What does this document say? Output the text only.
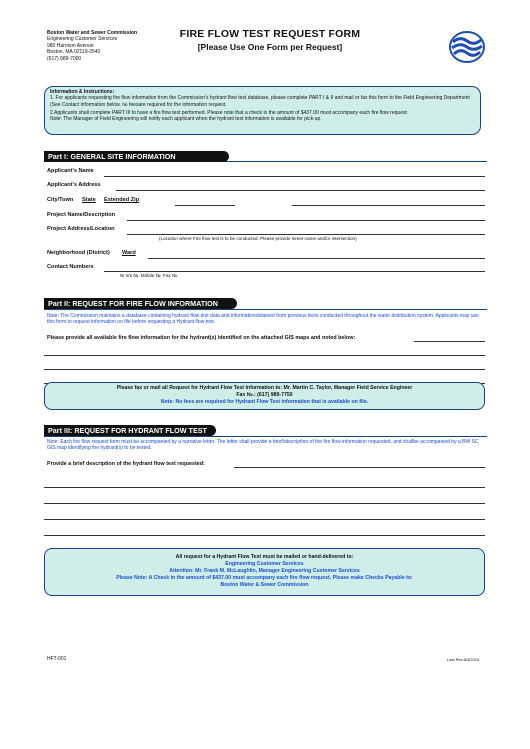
Boston Water and Sewer Commission
Engineering Customer Services
980 Harrison Avenue
Boston, MA 02119-2540
(617) 989-7000
FIRE FLOW TEST REQUEST FORM
[Please Use One Form per Request]
Information & Instructions:
1. For applicants requesting fire flow information from the Commission's hydrant flow test database, please complete PART I & II and mail or fax this form to the Field Engineering Department (See Contact information below. № feesare required for the information request.
2.Applicants shall complete PART III to have a fire flow test performed. Please note that a check in the amount of $437.00 must accompany each fire flow request
Note: The Manager of Field Engineering will notify each applicant when the hydrant test information is available for pick-up.
Part I: GENERAL SITE INFORMATION
Applicant's Name
Applicant's Address
City/Town State Extended Zip
Project Name/Description
Project Address/Location
(Location where Fire flow test is to be conducted. Please provide street name and/or intersection)
Neighborhood (District) Ward
Contact Numbers
W ork №. Mobile №. Fax №.
Part II: REQUEST FOR FIRE FLOW INFORMATION
Note: The Commission maintains a database containing hydrant flow test data and informationobtained from previous tests conducted throughout the water distribution system. Applicants may use this form to request information on file before requesting a Hydrant flow test.
Please provide all available fire flow information for the hydrant(s) identified on the attached GIS maps and noted below:
Please fax or mail all Request for Hydrant Flow Test Information to: Mr. Martin C. Taylor, Manager Field Service Engineer
Fax №.: (617) 989-7750
Note: No fees are required for Hydrant Flow Test information that is available on file.
Part III: REQUEST FOR HYDRANT FLOW TEST
Note: Each fire flow request form must be accompanied by a narrative letter. The letter shall provide a brief/description of the fire flow information requested, and shallbe accompanied by a BW SC GIS map identifying the hydrant(s) to be tested.
Provide a brief description of the hydrant flow test requested:
All request for a Hydrant Flow Test must be mailed or hand-delivered to:
Engineering Customer Services
Attention: Mr. Frank M. McLaughlin, Manager Engineering Customer Services
Please Note: A Check in the amount of $437.00 must accompany each fire flow request. Please make Checks Payable to:
Boston Water & Sewer Commission
HFT-001	Last Rev.8/3/2015
